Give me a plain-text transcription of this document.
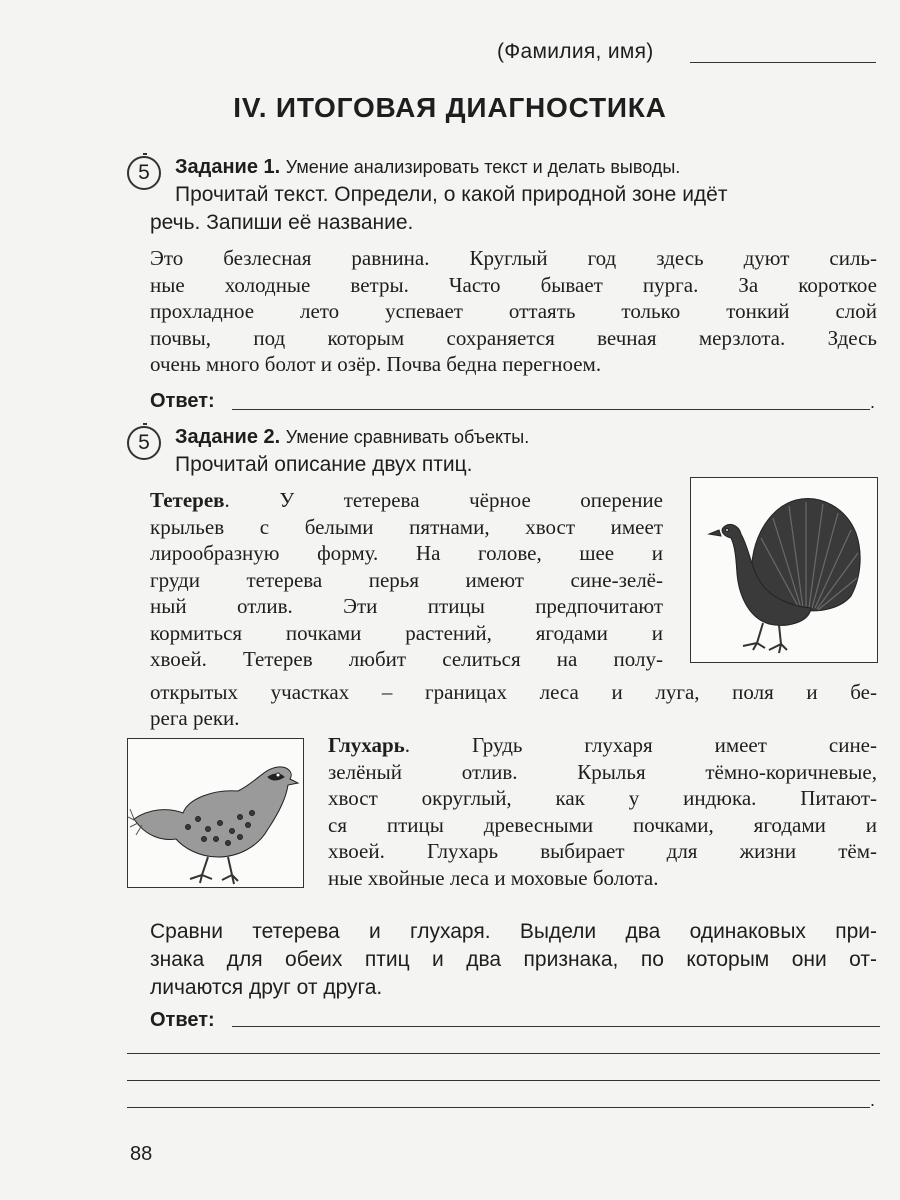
(Фамилия, имя)
IV. ИТОГОВАЯ ДИАГНОСТИКА
5 Задание 1. Умение анализировать текст и делать выводы.
Прочитай текст. Определи, о какой природной зоне идёт
речь. Запиши её название.
Это безлесная равнина. Круглый год здесь дуют силь-
ные холодные ветры. Часто бывает пурга. За короткое
прохладное лето успевает оттаять только тонкий слой
почвы, под которым сохраняется вечная мерзлота. Здесь
очень много болот и озёр. Почва бедна перегноем.
Ответ:	.
5 Задание 2. Умение сравнивать объекты.
Прочитай описание двух птиц.
Тетерев. У тетерева чёрное оперение
крыльев с белыми пятнами, хвост имеет
лирообразную форму. На голове, шее и
груди тетерева перья имеют сине-зелё-
ный отлив. Эти птицы предпочитают
кормиться почками растений, ягодами и
хвоей. Тетерев любит селиться на полу-
открытых участках – границах леса и луга, поля и бе-
рега реки.
Глухарь. Грудь глухаря имеет сине-
зелёный отлив. Крылья тёмно-коричневые,
хвост округлый, как у индюка. Питают-
ся птицы древесными почками, ягодами и
хвоей. Глухарь выбирает для жизни тём-
ные хвойные леса и моховые болота.
Сравни тетерева и глухаря. Выдели два одинаковых при-
знака для обеих птиц и два признака, по которым они от-
личаются друг от друга.
Ответ:
.
88
